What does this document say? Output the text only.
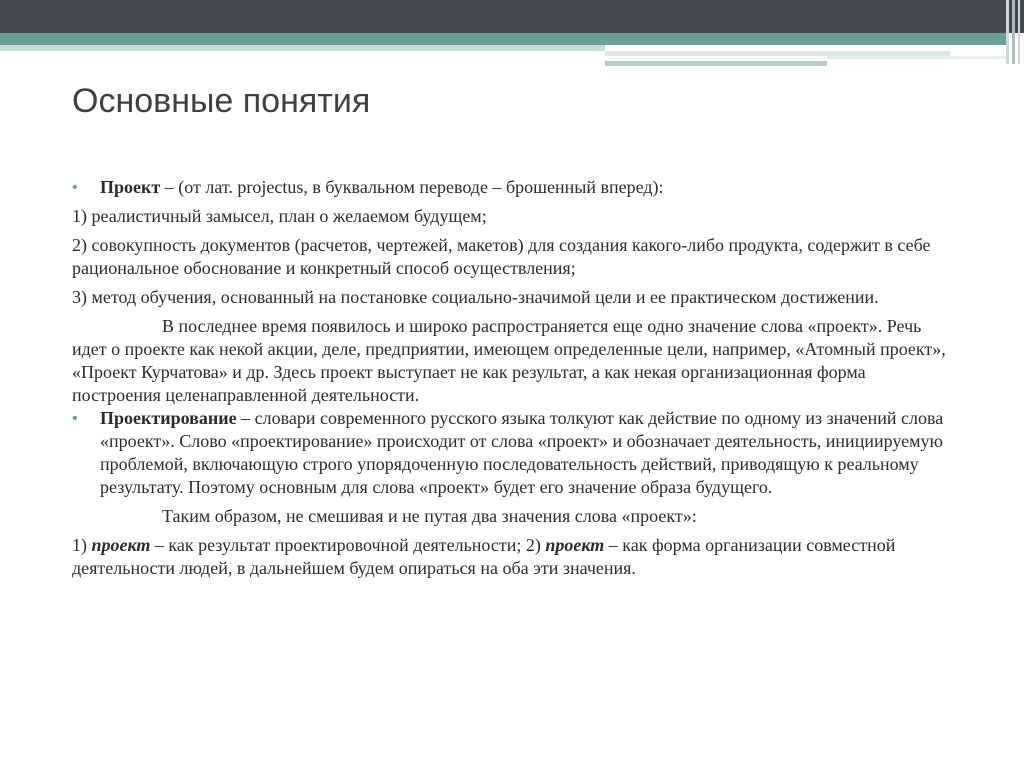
Основные понятия

• Проект – (от лат. projectus, в буквальном переводе – брошенный вперед):

1) реалистичный замысел, план о желаемом будущем;

2) совокупность документов (расчетов, чертежей, макетов) для создания какого-либо продукта, содержит в себе рациональное обоснование и конкретный способ осуществления;

3) метод обучения, основанный на постановке социально-значимой цели и ее практическом достижении.

В последнее время появилось и широко распространяется еще одно значение слова «проект». Речь идет о проекте как некой акции, деле, предприятии, имеющем определенные цели, например, «Атомный проект», «Проект Курчатова» и др. Здесь проект выступает не как результат, а как некая организационная форма построения целенаправленной деятельности.

• Проектирование – словари современного русского языка толкуют как действие по одному из значений слова «проект». Слово «проектирование» происходит от слова «проект» и обозначает деятельность, инициируемую проблемой, включающую строго упорядоченную последовательность действий, приводящую к реальному результату. Поэтому основным для слова «проект» будет его значение образа будущего.

Таким образом, не смешивая и не путая два значения слова «проект»:

1) проект – как результат проектировочной деятельности; 2) проект – как форма организации совместной деятельности людей, в дальнейшем будем опираться на оба эти значения.
